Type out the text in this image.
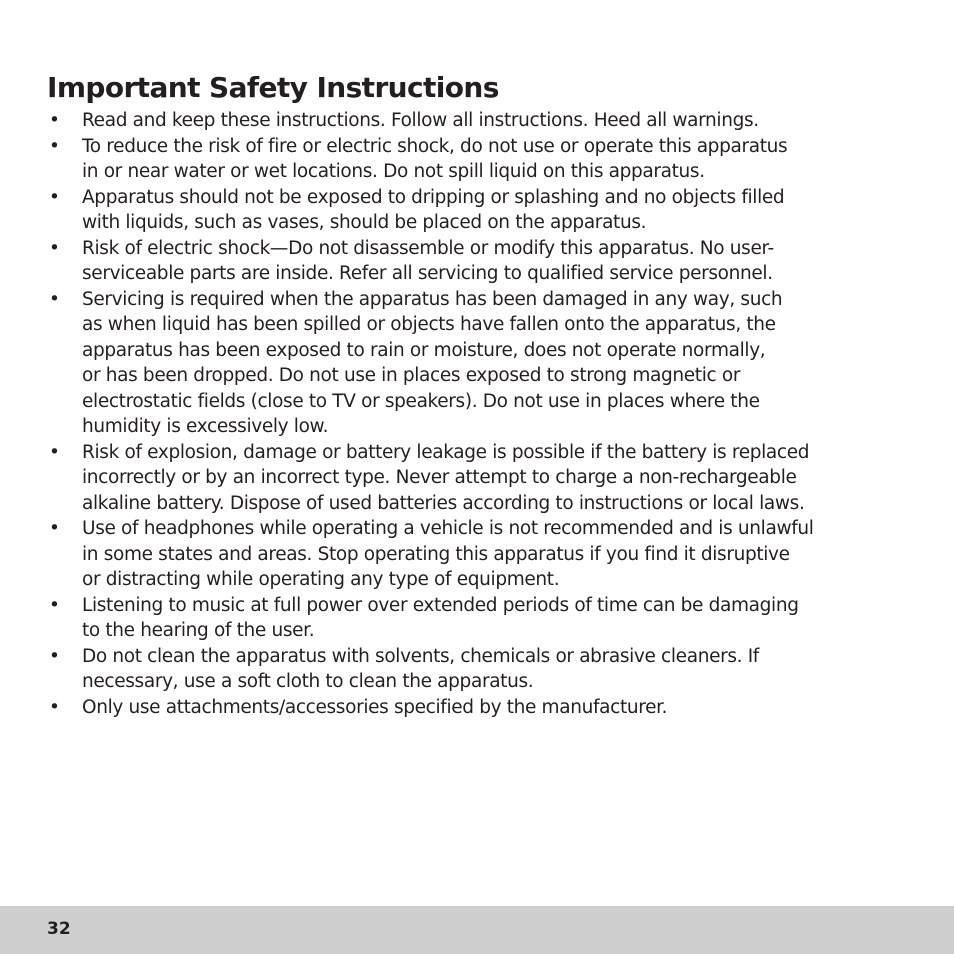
Important Safety Instructions
• Read and keep these instructions. Follow all instructions. Heed all warnings.
• To reduce the risk of fire or electric shock, do not use or operate this apparatus
in or near water or wet locations. Do not spill liquid on this apparatus.
• Apparatus should not be exposed to dripping or splashing and no objects filled
with liquids, such as vases, should be placed on the apparatus.
• Risk of electric shock—Do not disassemble or modify this apparatus. No user-
serviceable parts are inside. Refer all servicing to qualified service personnel.
• Servicing is required when the apparatus has been damaged in any way, such
as when liquid has been spilled or objects have fallen onto the apparatus, the
apparatus has been exposed to rain or moisture, does not operate normally,
or has been dropped. Do not use in places exposed to strong magnetic or
electrostatic fields (close to TV or speakers). Do not use in places where the
humidity is excessively low.
• Risk of explosion, damage or battery leakage is possible if the battery is replaced
incorrectly or by an incorrect type. Never attempt to charge a non-rechargeable
alkaline battery. Dispose of used batteries according to instructions or local laws.
• Use of headphones while operating a vehicle is not recommended and is unlawful
in some states and areas. Stop operating this apparatus if you find it disruptive
or distracting while operating any type of equipment.
• Listening to music at full power over extended periods of time can be damaging
to the hearing of the user.
• Do not clean the apparatus with solvents, chemicals or abrasive cleaners. If
necessary, use a soft cloth to clean the apparatus.
• Only use attachments/accessories specified by the manufacturer.
32
